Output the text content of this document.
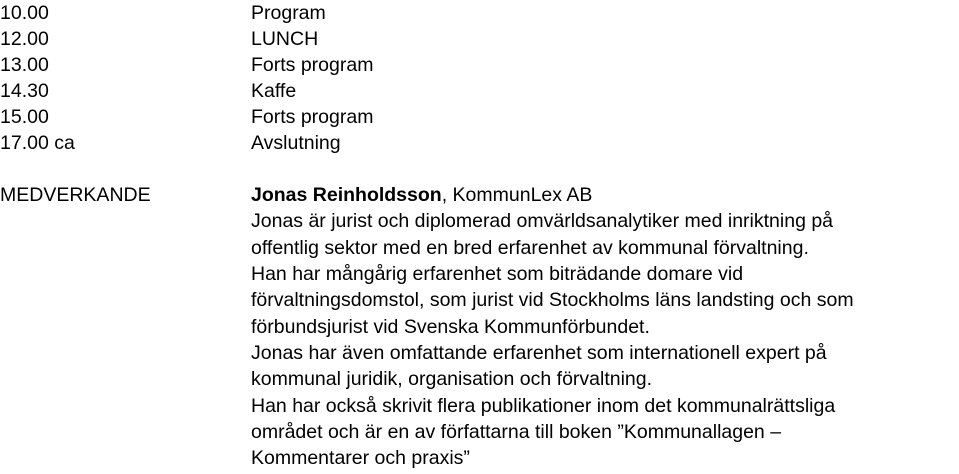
10.00	Program
12.00	LUNCH
13.00	Forts program
14.30	Kaffe
15.00	Forts program
17.00 ca	Avslutning
MEDVERKANDE	Jonas Reinholdsson, KommunLex AB
Jonas är jurist och diplomerad omvärldsanalytiker med inriktning på
offentlig sektor med en bred erfarenhet av kommunal förvaltning.
Han har mångårig erfarenhet som biträdande domare vid
förvaltningsdomstol, som jurist vid Stockholms läns landsting och som
förbundsjurist vid Svenska Kommunförbundet.
Jonas har även omfattande erfarenhet som internationell expert på
kommunal juridik, organisation och förvaltning.
Han har också skrivit flera publikationer inom det kommunalrättsliga
området och är en av författarna till boken ”Kommunallagen –
Kommentarer och praxis”
